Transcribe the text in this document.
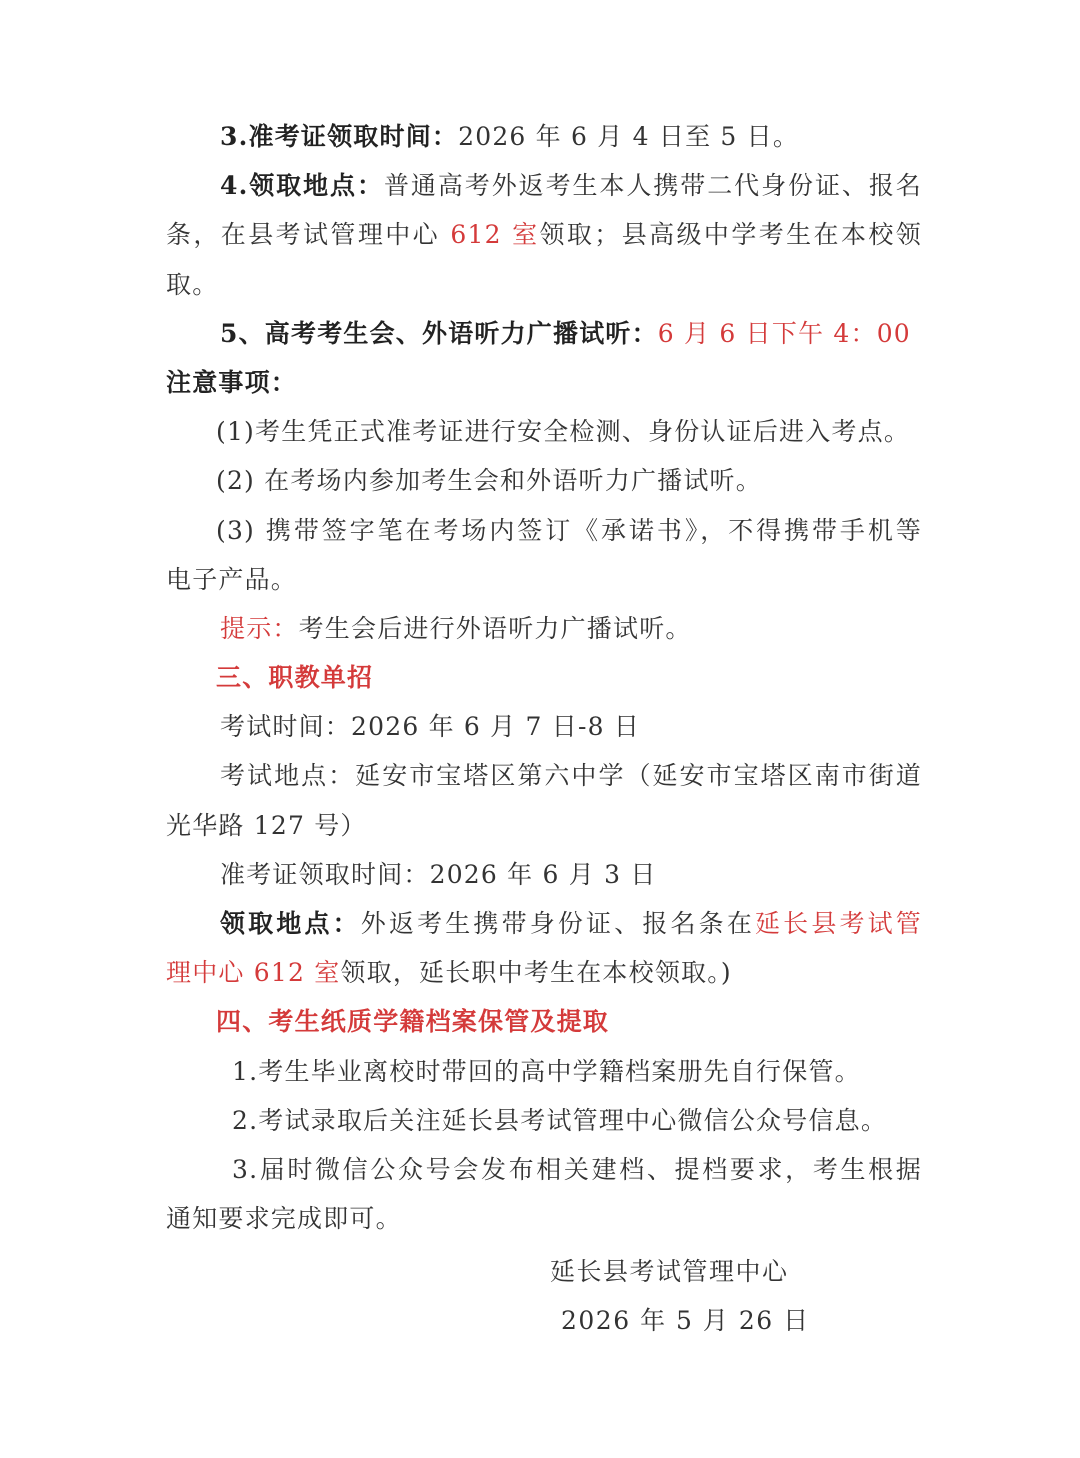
3.准考证领取时间：2026 年 6 月 4 日至 5 日。
4.领取地点：普通高考外返考生本人携带二代身份证、报名
条，在县考试管理中心 612 室领取；县高级中学考生在本校领
取。
5、高考考生会、外语听力广播试听：6 月 6 日下午 4：00
注意事项：
(1)考生凭正式准考证进行安全检测、身份认证后进入考点。
(2) 在考场内参加考生会和外语听力广播试听。
(3) 携带签字笔在考场内签订《承诺书》，不得携带手机等
电子产品。
提示：考生会后进行外语听力广播试听。
三、职教单招
考试时间：2026 年 6 月 7 日-8 日
考试地点：延安市宝塔区第六中学（延安市宝塔区南市街道
光华路 127 号）
准考证领取时间：2026 年 6 月 3 日
领取地点：外返考生携带身份证、报名条在延长县考试管
理中心 612 室领取，延长职中考生在本校领取。)
四、考生纸质学籍档案保管及提取
1.考生毕业离校时带回的高中学籍档案册先自行保管。
2.考试录取后关注延长县考试管理中心微信公众号信息。
3.届时微信公众号会发布相关建档、提档要求，考生根据
通知要求完成即可。
延长县考试管理中心
2026 年 5 月 26 日
